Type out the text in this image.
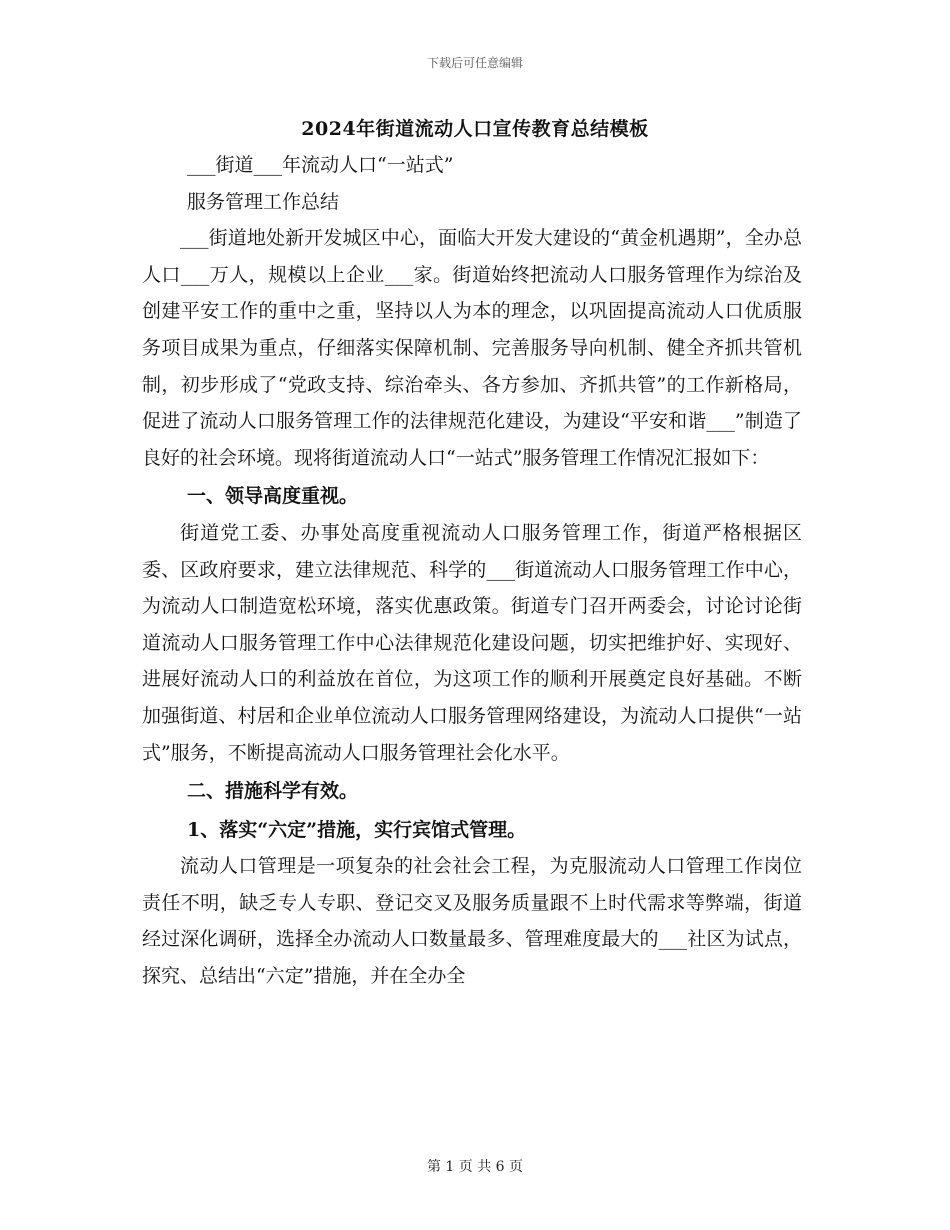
下载后可任意编辑
2024年街道流动人口宣传教育总结模板

___街道___年流动人口“一站式”

服务管理工作总结

___街道地处新开发城区中心，面临大开发大建设的“黄金机遇期”，全办总人口___万人，规模以上企业___家。街道始终把流动人口服务管理作为综治及创建平安工作的重中之重，坚持以人为本的理念，以巩固提高流动人口优质服务项目成果为重点，仔细落实保障机制、完善服务导向机制、健全齐抓共管机制，初步形成了“党政支持、综治牵头、各方参加、齐抓共管”的工作新格局，促进了流动人口服务管理工作的法律规范化建设，为建设“平安和谐___”制造了良好的社会环境。现将街道流动人口“一站式”服务管理工作情况汇报如下：

一、领导高度重视。

街道党工委、办事处高度重视流动人口服务管理工作，街道严格根据区委、区政府要求，建立法律规范、科学的___街道流动人口服务管理工作中心，为流动人口制造宽松环境，落实优惠政策。街道专门召开两委会，讨论讨论街道流动人口服务管理工作中心法律规范化建设问题，切实把维护好、实现好、进展好流动人口的利益放在首位，为这项工作的顺利开展奠定良好基础。不断加强街道、村居和企业单位流动人口服务管理网络建设，为流动人口提供“一站式”服务，不断提高流动人口服务管理社会化水平。

二、措施科学有效。

1、落实“六定”措施，实行宾馆式管理。

流动人口管理是一项复杂的社会社会工程，为克服流动人口管理工作岗位责任不明，缺乏专人专职、登记交叉及服务质量跟不上时代需求等弊端，街道经过深化调研，选择全办流动人口数量最多、管理难度最大的___社区为试点，探究、总结出“六定”措施，并在全办全

第 1 页 共 6 页
